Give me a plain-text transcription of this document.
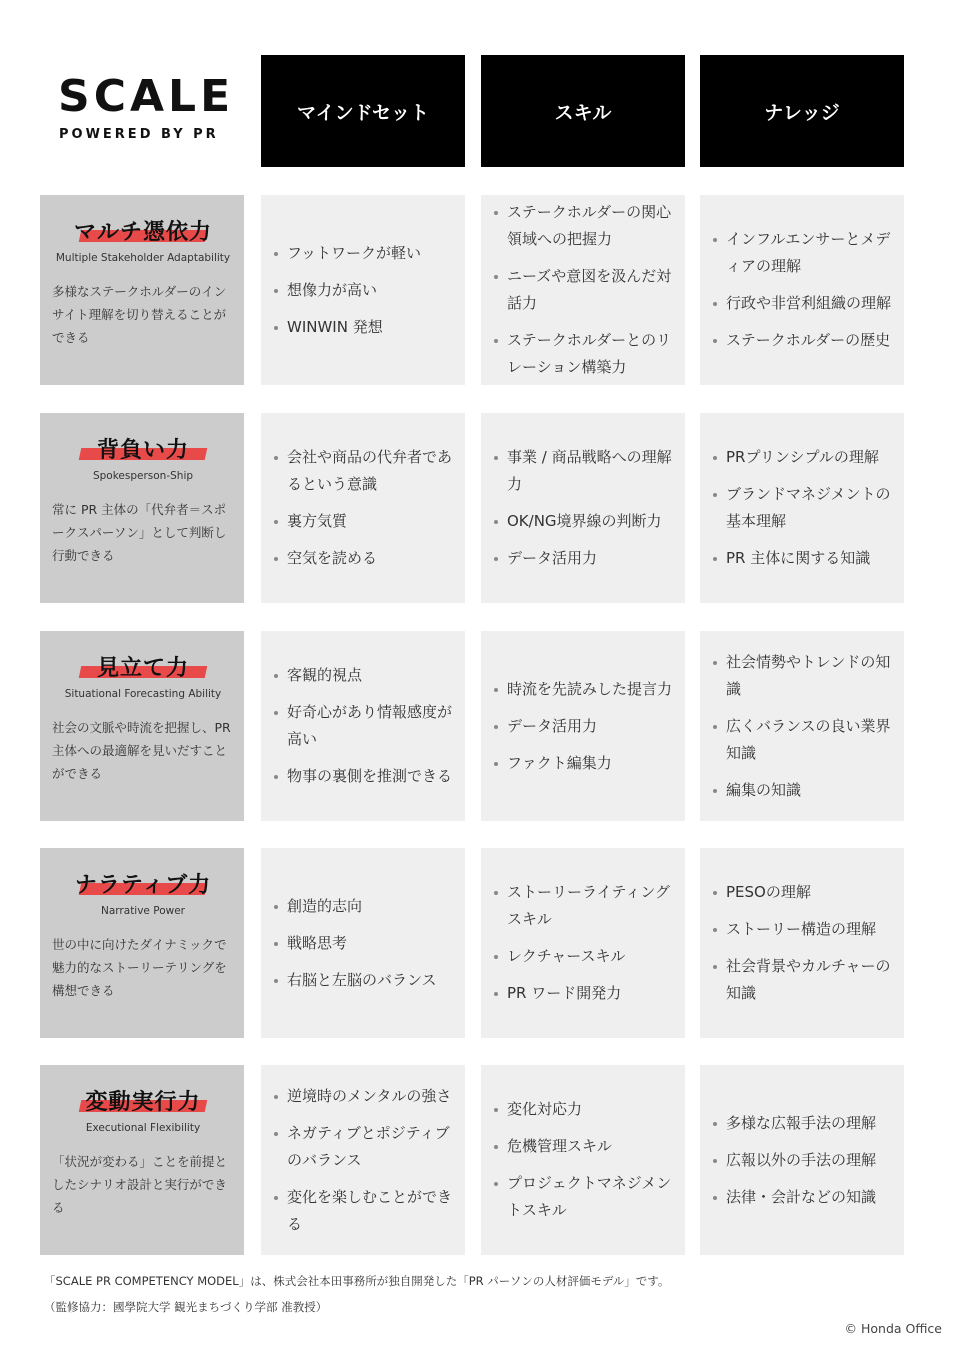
SCALE
POWERED BY PR
マインドセット	スキル	ナレッジ
マルチ憑依力
Multiple Stakeholder Adaptability
多様なステークホルダーのインサイト理解を切り替えることができる
フットワークが軽い
想像力が高い
WINWIN 発想
ステークホルダーの関心領域への把握力
ニーズや意図を汲んだ対話力
ステークホルダーとのリレーション構築力
インフルエンサーとメディアの理解
行政や非営利組織の理解
ステークホルダーの歴史
背負い力
Spokesperson-Ship
常に PR 主体の「代弁者＝スポークスパーソン」として判断し行動できる
会社や商品の代弁者であるという意識
裏方気質
空気を読める
事業 / 商品戦略への理解力
OK/NG境界線の判断力
データ活用力
PRプリンシプルの理解
ブランドマネジメントの基本理解
PR 主体に関する知識
見立て力
Situational Forecasting Ability
社会の文脈や時流を把握し、PR 主体への最適解を見いだすことができる
客観的視点
好奇心があり情報感度が高い
物事の裏側を推測できる
時流を先読みした提言力
データ活用力
ファクト編集力
社会情勢やトレンドの知識
広くバランスの良い業界知識
編集の知識
ナラティブ力
Narrative Power
世の中に向けたダイナミックで魅力的なストーリーテリングを構想できる
創造的志向
戦略思考
右脳と左脳のバランス
ストーリーライティングスキル
レクチャースキル
PR ワード開発力
PESOの理解
ストーリー構造の理解
社会背景やカルチャーの知識
変動実行力
Executional Flexibility
「状況が変わる」ことを前提としたシナリオ設計と実行ができる
逆境時のメンタルの強さ
ネガティブとポジティブのバランス
変化を楽しむことができる
変化対応力
危機管理スキル
プロジェクトマネジメントスキル
多様な広報手法の理解
広報以外の手法の理解
法律・会計などの知識
「SCALE PR COMPETENCY MODEL」は、株式会社本田事務所が独自開発した「PR パーソンの人材評価モデル」です。
（監修協力：國學院大学 観光まちづくり学部 准教授）
© Honda Office
